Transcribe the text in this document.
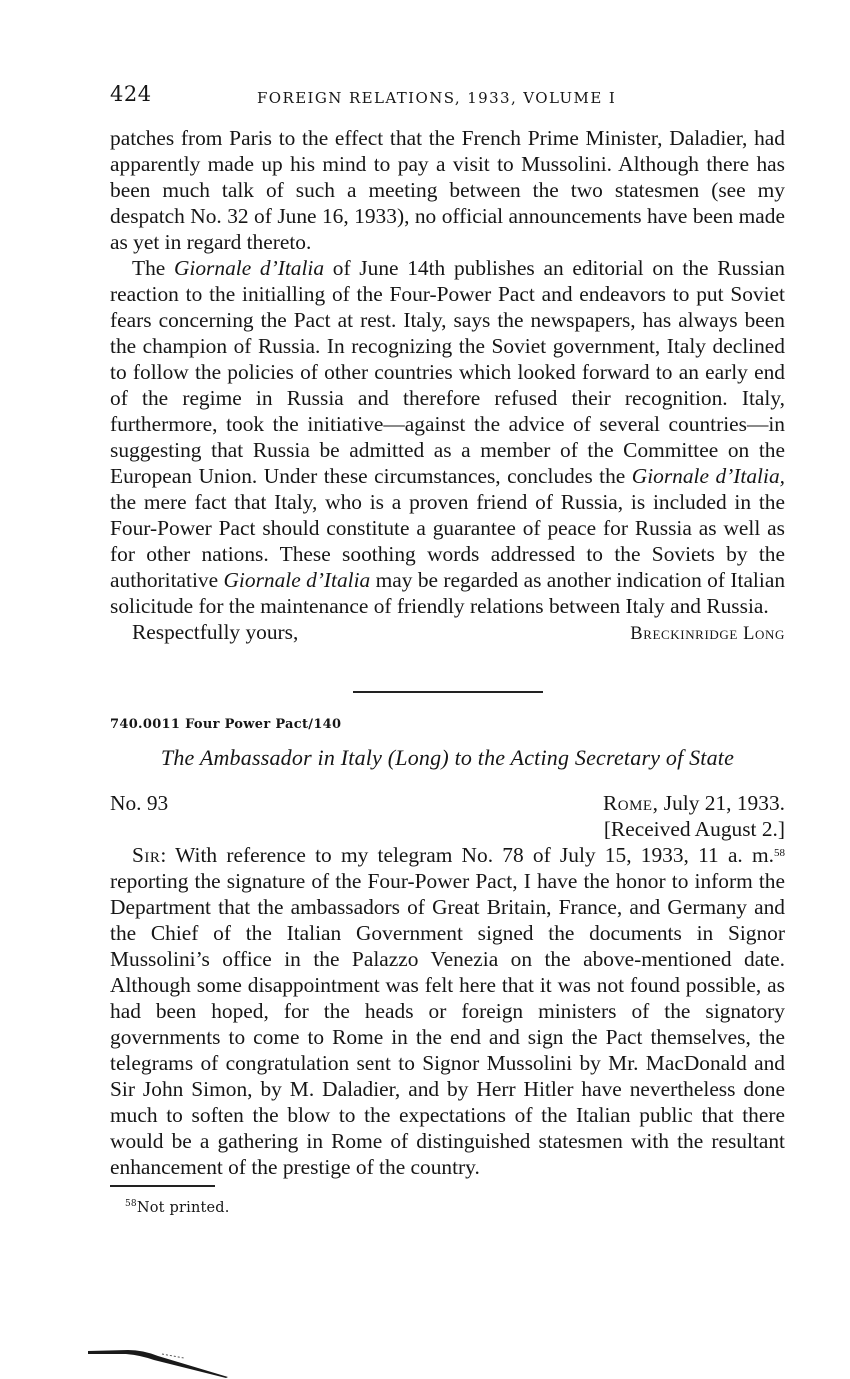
424	FOREIGN RELATIONS, 1933, VOLUME I

patches from Paris to the effect that the French Prime Minister, Daladier, had apparently made up his mind to pay a visit to Mussolini. Although there has been much talk of such a meeting between the two statesmen (see my despatch No. 32 of June 16, 1933), no official announcements have been made as yet in regard thereto.

The Giornale d’Italia of June 14th publishes an editorial on the Russian reaction to the initialling of the Four-Power Pact and endeavors to put Soviet fears concerning the Pact at rest. Italy, says the newspapers, has always been the champion of Russia. In recognizing the Soviet government, Italy declined to follow the policies of other countries which looked forward to an early end of the regime in Russia and therefore refused their recognition. Italy, furthermore, took the initiative—against the advice of several countries—in suggesting that Russia be admitted as a member of the Committee on the European Union. Under these circumstances, concludes the Giornale d’Italia, the mere fact that Italy, who is a proven friend of Russia, is included in the Four-Power Pact should constitute a guarantee of peace for Russia as well as for other nations. These soothing words addressed to the Soviets by the authoritative Giornale d’Italia may be regarded as another indication of Italian solicitude for the maintenance of friendly relations between Italy and Russia.

Respectfully yours,	Breckinridge Long
740.0011 Four Power Pact/140
The Ambassador in Italy (Long) to the Acting Secretary of State
No. 93	Rome, July 21, 1933.
[Received August 2.]

Sir: With reference to my telegram No. 78 of July 15, 1933, 11 a. m.$^{58}$ reporting the signature of the Four-Power Pact, I have the honor to inform the Department that the ambassadors of Great Britain, France, and Germany and the Chief of the Italian Government signed the documents in Signor Mussolini’s office in the Palazzo Venezia on the above-mentioned date. Although some disappointment was felt here that it was not found possible, as had been hoped, for the heads or foreign ministers of the signatory governments to come to Rome in the end and sign the Pact themselves, the telegrams of congratulation sent to Signor Mussolini by Mr. MacDonald and Sir John Simon, by M. Daladier, and by Herr Hitler have nevertheless done much to soften the blow to the expectations of the Italian public that there would be a gathering in Rome of distinguished statesmen with the resultant enhancement of the prestige of the country.

$^{58}$Not printed.
